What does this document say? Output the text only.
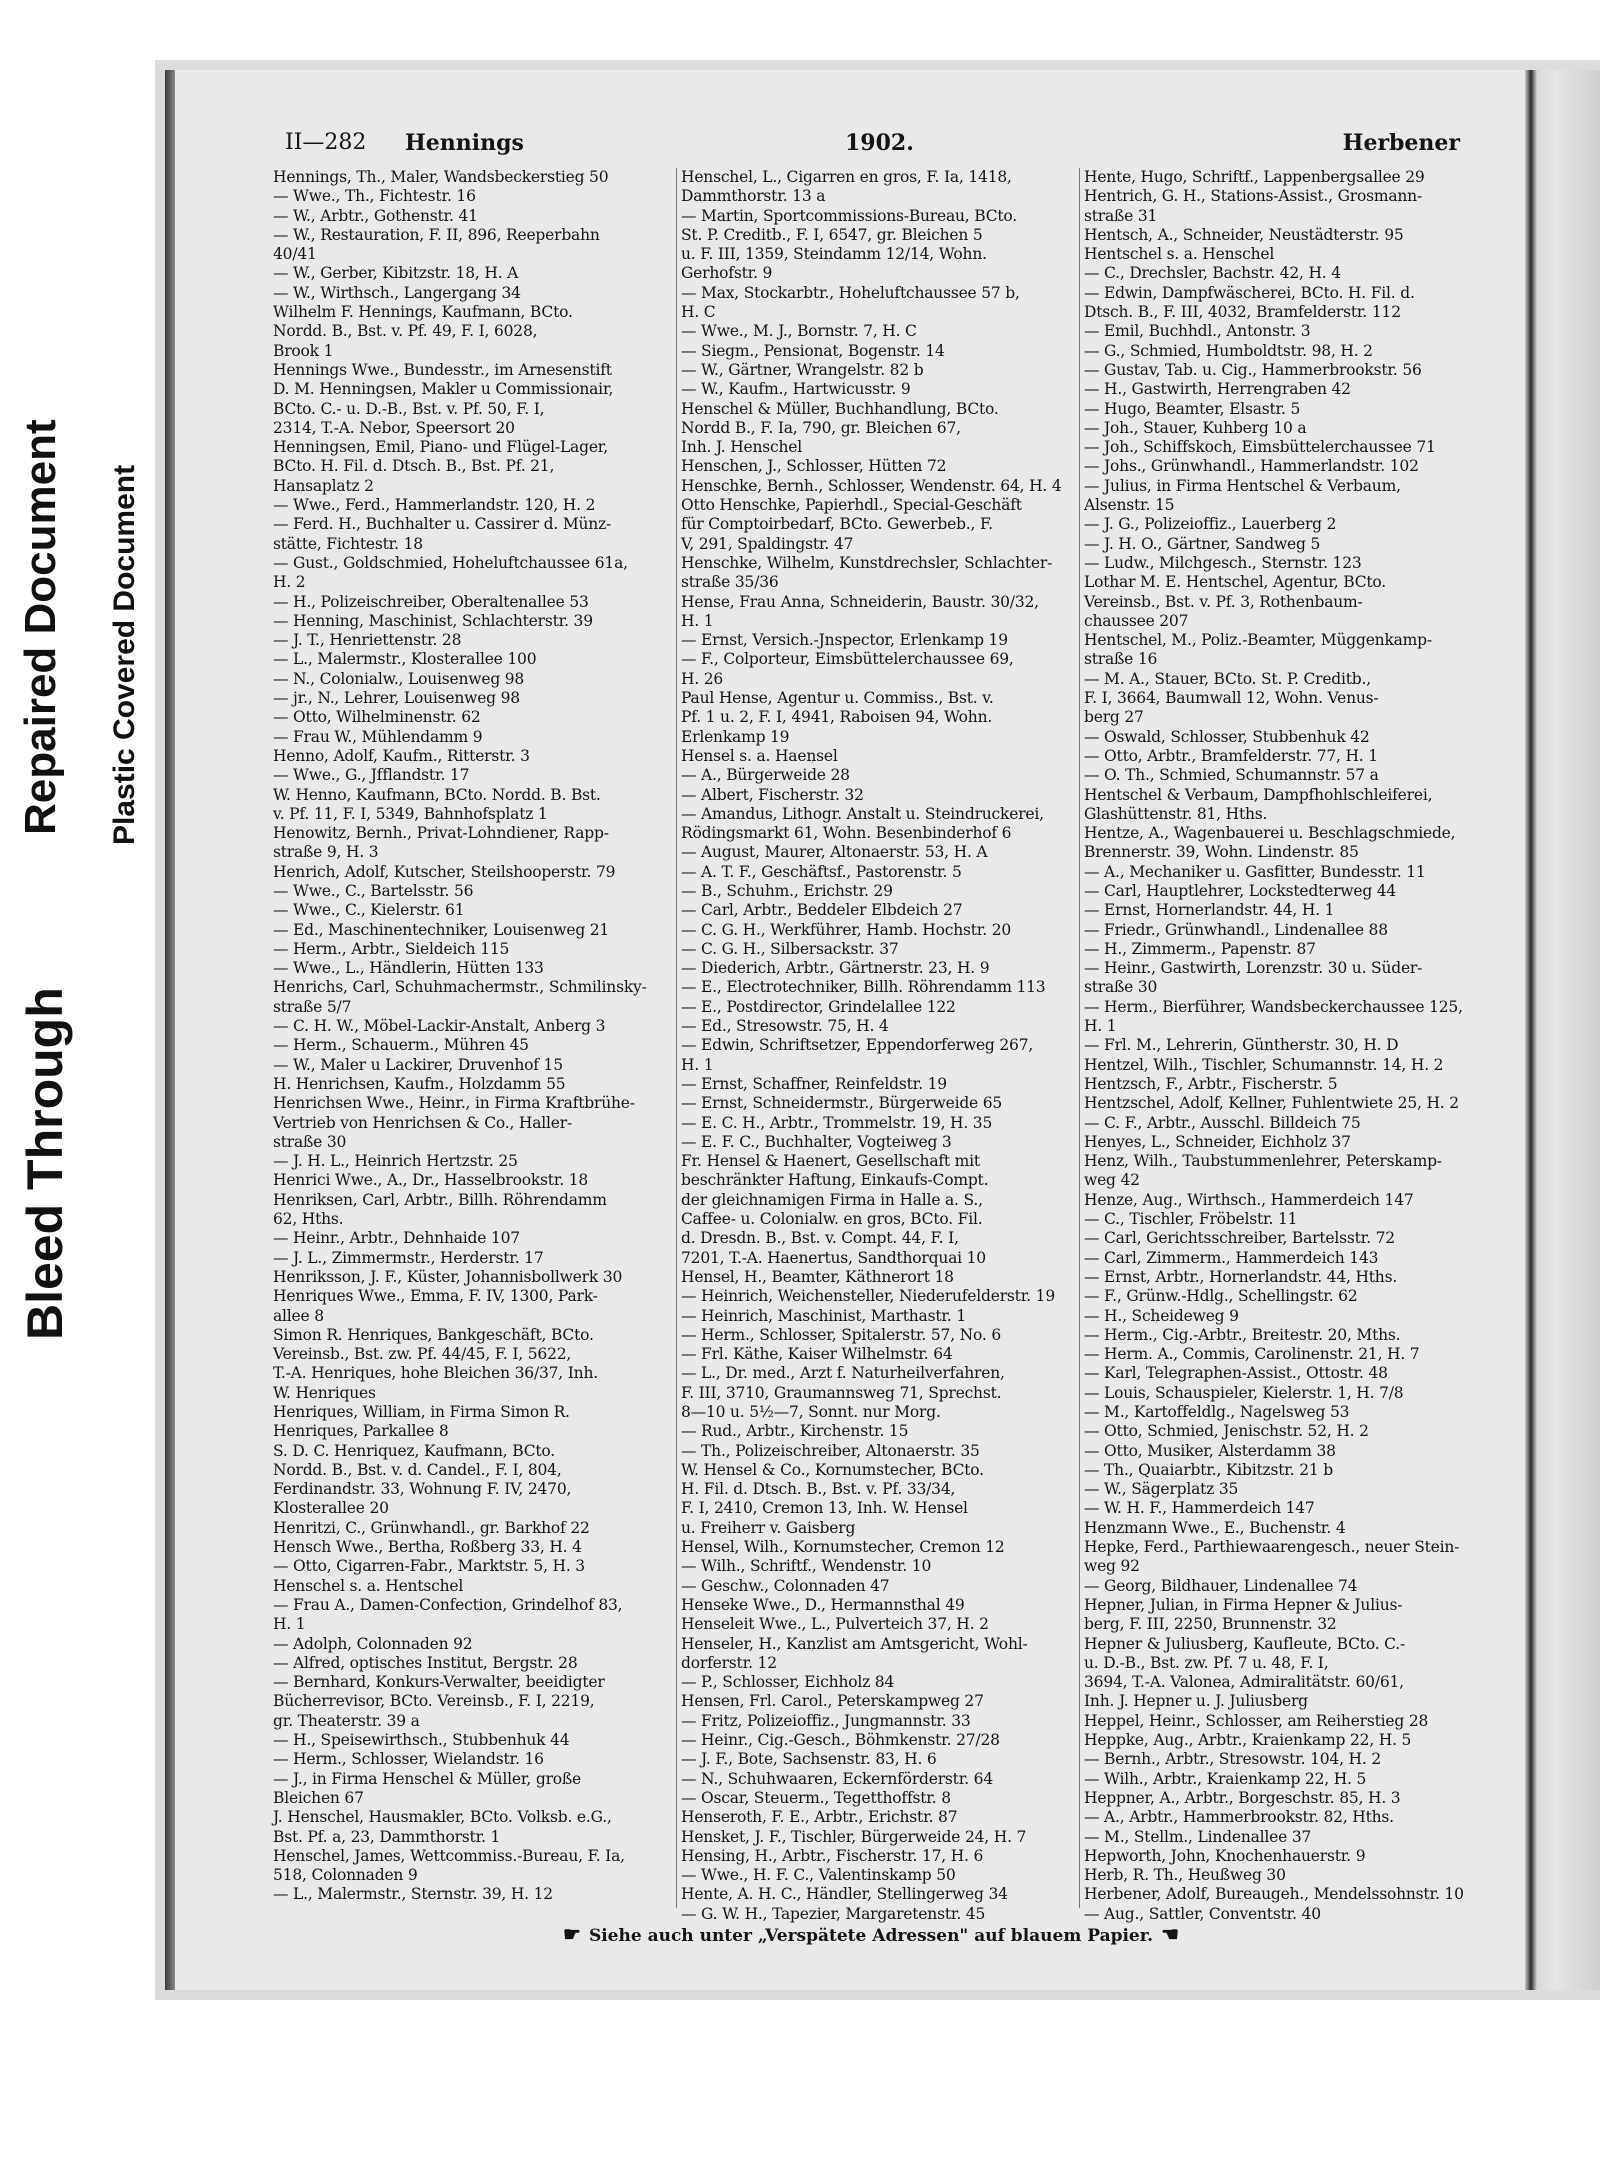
Bleed Through
Repaired Document Plastic Covered Document
II—282 Hennings	1902.	Herbener
Hennings, Th., Maler, Wandsbeckerstieg 50
— Wwe., Th., Fichtestr. 16
— W., Arbtr., Gothenstr. 41
— W., Restauration, F. II, 896, Reeperbahn
40/41
— W., Gerber, Kibitzstr. 18, H. A
— W., Wirthsch., Langergang 34
Wilhelm F. Hennings, Kaufmann, BCto.
Nordd. B., Bst. v. Pf. 49, F. I, 6028,
Brook 1
Hennings Wwe., Bundesstr., im Arnesenstift
D. M. Henningsen, Makler u Commissionair,
BCto. C.- u. D.-B., Bst. v. Pf. 50, F. I,
2314, T.-A. Nebor, Speersort 20
Henningsen, Emil, Piano- und Flügel-Lager,
BCto. H. Fil. d. Dtsch. B., Bst. Pf. 21,
Hansaplatz 2
— Wwe., Ferd., Hammerlandstr. 120, H. 2
— Ferd. H., Buchhalter u. Cassirer d. Münz-
stätte, Fichtestr. 18
— Gust., Goldschmied, Hoheluftchaussee 61a,
H. 2
— H., Polizeischreiber, Oberaltenallee 53
— Henning, Maschinist, Schlachterstr. 39
— J. T., Henriettenstr. 28
— L., Malermstr., Klosterallee 100
— N., Colonialw., Louisenweg 98
— jr., N., Lehrer, Louisenweg 98
— Otto, Wilhelminenstr. 62
— Frau W., Mühlendamm 9
Henno, Adolf, Kaufm., Ritterstr. 3
— Wwe., G., Jfflandstr. 17
W. Henno, Kaufmann, BCto. Nordd. B. Bst.
v. Pf. 11, F. I, 5349, Bahnhofsplatz 1
Henowitz, Bernh., Privat-Lohndiener, Rapp-
straße 9, H. 3
Henrich, Adolf, Kutscher, Steilshooperstr. 79
— Wwe., C., Bartelsstr. 56
— Wwe., C., Kielerstr. 61
— Ed., Maschinentechniker, Louisenweg 21
— Herm., Arbtr., Sieldeich 115
— Wwe., L., Händlerin, Hütten 133
Henrichs, Carl, Schuhmachermstr., Schmilinsky-
straße 5/7
— C. H. W., Möbel-Lackir-Anstalt, Anberg 3
— Herm., Schauerm., Mühren 45
— W., Maler u Lackirer, Druvenhof 15
H. Henrichsen, Kaufm., Holzdamm 55
Henrichsen Wwe., Heinr., in Firma Kraftbrühe-
Vertrieb von Henrichsen & Co., Haller-
straße 30
— J. H. L., Heinrich Hertzstr. 25
Henrici Wwe., A., Dr., Hasselbrookstr. 18
Henriksen, Carl, Arbtr., Billh. Röhrendamm
62, Hths.
— Heinr., Arbtr., Dehnhaide 107
— J. L., Zimmermstr., Herderstr. 17
Henriksson, J. F., Küster, Johannisbollwerk 30
Henriques Wwe., Emma, F. IV, 1300, Park-
allee 8
Simon R. Henriques, Bankgeschäft, BCto.
Vereinsb., Bst. zw. Pf. 44/45, F. I, 5622,
T.-A. Henriques, hohe Bleichen 36/37, Inh.
W. Henriques
Henriques, William, in Firma Simon R.
Henriques, Parkallee 8
S. D. C. Henriquez, Kaufmann, BCto.
Nordd. B., Bst. v. d. Candel., F. I, 804,
Ferdinandstr. 33, Wohnung F. IV, 2470,
Klosterallee 20
Henritzi, C., Grünwhandl., gr. Barkhof 22
Hensch Wwe., Bertha, Roßberg 33, H. 4
— Otto, Cigarren-Fabr., Marktstr. 5, H. 3
Henschel s. a. Hentschel
— Frau A., Damen-Confection, Grindelhof 83,
H. 1
— Adolph, Colonnaden 92
— Alfred, optisches Institut, Bergstr. 28
— Bernhard, Konkurs-Verwalter, beeidigter
Bücherrevisor, BCto. Vereinsb., F. I, 2219,
gr. Theaterstr. 39 a
— H., Speisewirthsch., Stubbenhuk 44
— Herm., Schlosser, Wielandstr. 16
— J., in Firma Henschel & Müller, große
Bleichen 67
J. Henschel, Hausmakler, BCto. Volksb. e.G.,
Bst. Pf. a, 23, Dammthorstr. 1
Henschel, James, Wettcommiss.-Bureau, F. Ia,
518, Colonnaden 9
— L., Malermstr., Sternstr. 39, H. 12
Henschel, L., Cigarren en gros, F. Ia, 1418,
Dammthorstr. 13 a
— Martin, Sportcommissions-Bureau, BCto.
St. P. Creditb., F. I, 6547, gr. Bleichen 5
u. F. III, 1359, Steindamm 12/14, Wohn.
Gerhofstr. 9
— Max, Stockarbtr., Hoheluftchaussee 57 b,
H. C
— Wwe., M. J., Bornstr. 7, H. C
— Siegm., Pensionat, Bogenstr. 14
— W., Gärtner, Wrangelstr. 82 b
— W., Kaufm., Hartwicusstr. 9
Henschel & Müller, Buchhandlung, BCto.
Nordd B., F. Ia, 790, gr. Bleichen 67,
Inh. J. Henschel
Henschen, J., Schlosser, Hütten 72
Henschke, Bernh., Schlosser, Wendenstr. 64, H. 4
Otto Henschke, Papierhdl., Special-Geschäft
für Comptoirbedarf, BCto. Gewerbeb., F.
V, 291, Spaldingstr. 47
Henschke, Wilhelm, Kunstdrechsler, Schlachter-
straße 35/36
Hense, Frau Anna, Schneiderin, Baustr. 30/32,
H. 1
— Ernst, Versich.-Jnspector, Erlenkamp 19
— F., Colporteur, Eimsbüttelerchaussee 69,
H. 26
Paul Hense, Agentur u. Commiss., Bst. v.
Pf. 1 u. 2, F. I, 4941, Raboisen 94, Wohn.
Erlenkamp 19
Hensel s. a. Haensel
— A., Bürgerweide 28
— Albert, Fischerstr. 32
— Amandus, Lithogr. Anstalt u. Steindruckerei,
Rödingsmarkt 61, Wohn. Besenbinderhof 6
— August, Maurer, Altonaerstr. 53, H. A
— A. T. F., Geschäftsf., Pastorenstr. 5
— B., Schuhm., Erichstr. 29
— Carl, Arbtr., Beddeler Elbdeich 27
— C. G. H., Werkführer, Hamb. Hochstr. 20
— C. G. H., Silbersackstr. 37
— Diederich, Arbtr., Gärtnerstr. 23, H. 9
— E., Electrotechniker, Billh. Röhrendamm 113
— E., Postdirector, Grindelallee 122
— Ed., Stresowstr. 75, H. 4
— Edwin, Schriftsetzer, Eppendorferweg 267,
H. 1
— Ernst, Schaffner, Reinfeldstr. 19
— Ernst, Schneidermstr., Bürgerweide 65
— E. C. H., Arbtr., Trommelstr. 19, H. 35
— E. F. C., Buchhalter, Vogteiweg 3
Fr. Hensel & Haenert, Gesellschaft mit
beschränkter Haftung, Einkaufs-Compt.
der gleichnamigen Firma in Halle a. S.,
Caffee- u. Colonialw. en gros, BCto. Fil.
d. Dresdn. B., Bst. v. Compt. 44, F. I,
7201, T.-A. Haenertus, Sandthorquai 10
Hensel, H., Beamter, Käthnerort 18
— Heinrich, Weichensteller, Niederufelderstr. 19
— Heinrich, Maschinist, Marthastr. 1
— Herm., Schlosser, Spitalerstr. 57, No. 6
— Frl. Käthe, Kaiser Wilhelmstr. 64
— L., Dr. med., Arzt f. Naturheilverfahren,
F. III, 3710, Graumannsweg 71, Sprechst.
8—10 u. 5½—7, Sonnt. nur Morg.
— Rud., Arbtr., Kirchenstr. 15
— Th., Polizeischreiber, Altonaerstr. 35
W. Hensel & Co., Kornumstecher, BCto.
H. Fil. d. Dtsch. B., Bst. v. Pf. 33/34,
F. I, 2410, Cremon 13, Inh. W. Hensel
u. Freiherr v. Gaisberg
Hensel, Wilh., Kornumstecher, Cremon 12
— Wilh., Schriftf., Wendenstr. 10
— Geschw., Colonnaden 47
Henseke Wwe., D., Hermannsthal 49
Henseleit Wwe., L., Pulverteich 37, H. 2
Henseler, H., Kanzlist am Amtsgericht, Wohl-
dorferstr. 12
— P., Schlosser, Eichholz 84
Hensen, Frl. Carol., Peterskampweg 27
— Fritz, Polizeioffiz., Jungmannstr. 33
— Heinr., Cig.-Gesch., Böhmkenstr. 27/28
— J. F., Bote, Sachsenstr. 83, H. 6
— N., Schuhwaaren, Eckernförderstr. 64
— Oscar, Steuerm., Tegetthoffstr. 8
Henseroth, F. E., Arbtr., Erichstr. 87
Hensket, J. F., Tischler, Bürgerweide 24, H. 7
Hensing, H., Arbtr., Fischerstr. 17, H. 6
— Wwe., H. F. C., Valentinskamp 50
Hente, A. H. C., Händler, Stellingerweg 34
— G. W. H., Tapezier, Margaretenstr. 45
Hente, Hugo, Schriftf., Lappenbergsallee 29
Hentrich, G. H., Stations-Assist., Grosmann-
straße 31
Hentsch, A., Schneider, Neustädterstr. 95
Hentschel s. a. Henschel
— C., Drechsler, Bachstr. 42, H. 4
— Edwin, Dampfwäscherei, BCto. H. Fil. d.
Dtsch. B., F. III, 4032, Bramfelderstr. 112
— Emil, Buchhdl., Antonstr. 3
— G., Schmied, Humboldtstr. 98, H. 2
— Gustav, Tab. u. Cig., Hammerbrookstr. 56
— H., Gastwirth, Herrengraben 42
— Hugo, Beamter, Elsastr. 5
— Joh., Stauer, Kuhberg 10 a
— Joh., Schiffskoch, Eimsbüttelerchaussee 71
— Johs., Grünwhandl., Hammerlandstr. 102
— Julius, in Firma Hentschel & Verbaum,
Alsenstr. 15
— J. G., Polizeioffiz., Lauerberg 2
— J. H. O., Gärtner, Sandweg 5
— Ludw., Milchgesch., Sternstr. 123
Lothar M. E. Hentschel, Agentur, BCto.
Vereinsb., Bst. v. Pf. 3, Rothenbaum-
chaussee 207
Hentschel, M., Poliz.-Beamter, Müggenkamp-
straße 16
— M. A., Stauer, BCto. St. P. Creditb.,
F. I, 3664, Baumwall 12, Wohn. Venus-
berg 27
— Oswald, Schlosser, Stubbenhuk 42
— Otto, Arbtr., Bramfelderstr. 77, H. 1
— O. Th., Schmied, Schumannstr. 57 a
Hentschel & Verbaum, Dampfhohlschleiferei,
Glashüttenstr. 81, Hths.
Hentze, A., Wagenbauerei u. Beschlagschmiede,
Brennerstr. 39, Wohn. Lindenstr. 85
— A., Mechaniker u. Gasfitter, Bundesstr. 11
— Carl, Hauptlehrer, Lockstedterweg 44
— Ernst, Hornerlandstr. 44, H. 1
— Friedr., Grünwhandl., Lindenallee 88
— H., Zimmerm., Papenstr. 87
— Heinr., Gastwirth, Lorenzstr. 30 u. Süder-
straße 30
— Herm., Bierführer, Wandsbeckerchaussee 125,
H. 1
— Frl. M., Lehrerin, Güntherstr. 30, H. D
Hentzel, Wilh., Tischler, Schumannstr. 14, H. 2
Hentzsch, F., Arbtr., Fischerstr. 5
Hentzschel, Adolf, Kellner, Fuhlentwiete 25, H. 2
— C. F., Arbtr., Ausschl. Billdeich 75
Henyes, L., Schneider, Eichholz 37
Henz, Wilh., Taubstummenlehrer, Peterskamp-
weg 42
Henze, Aug., Wirthsch., Hammerdeich 147
— C., Tischler, Fröbelstr. 11
— Carl, Gerichtsschreiber, Bartelsstr. 72
— Carl, Zimmerm., Hammerdeich 143
— Ernst, Arbtr., Hornerlandstr. 44, Hths.
— F., Grünw.-Hdlg., Schellingstr. 62
— H., Scheideweg 9
— Herm., Cig.-Arbtr., Breitestr. 20, Mths.
— Herm. A., Commis, Carolinenstr. 21, H. 7
— Karl, Telegraphen-Assist., Ottostr. 48
— Louis, Schauspieler, Kielerstr. 1, H. 7/8
— M., Kartoffeldlg., Nagelsweg 53
— Otto, Schmied, Jenischstr. 52, H. 2
— Otto, Musiker, Alsterdamm 38
— Th., Quaiarbtr., Kibitzstr. 21 b
— W., Sägerplatz 35
— W. H. F., Hammerdeich 147
Henzmann Wwe., E., Buchenstr. 4
Hepke, Ferd., Parthiewaarengesch., neuer Stein-
weg 92
— Georg, Bildhauer, Lindenallee 74
Hepner, Julian, in Firma Hepner & Julius-
berg, F. III, 2250, Brunnenstr. 32
Hepner & Juliusberg, Kaufleute, BCto. C.-
u. D.-B., Bst. zw. Pf. 7 u. 48, F. I,
3694, T.-A. Valonea, Admiralitätstr. 60/61,
Inh. J. Hepner u. J. Juliusberg
Heppel, Heinr., Schlosser, am Reiherstieg 28
Heppke, Aug., Arbtr., Kraienkamp 22, H. 5
— Bernh., Arbtr., Stresowstr. 104, H. 2
— Wilh., Arbtr., Kraienkamp 22, H. 5
Heppner, A., Arbtr., Borgeschstr. 85, H. 3
— A., Arbtr., Hammerbrookstr. 82, Hths.
— M., Stellm., Lindenallee 37
Hepworth, John, Knochenhauerstr. 9
Herb, R. Th., Heußweg 30
Herbener, Adolf, Bureaugeh., Mendelssohnstr. 10
— Aug., Sattler, Conventstr. 40
☛ Siehe auch unter „Verspätete Adressen" auf blauem Papier. ☚
